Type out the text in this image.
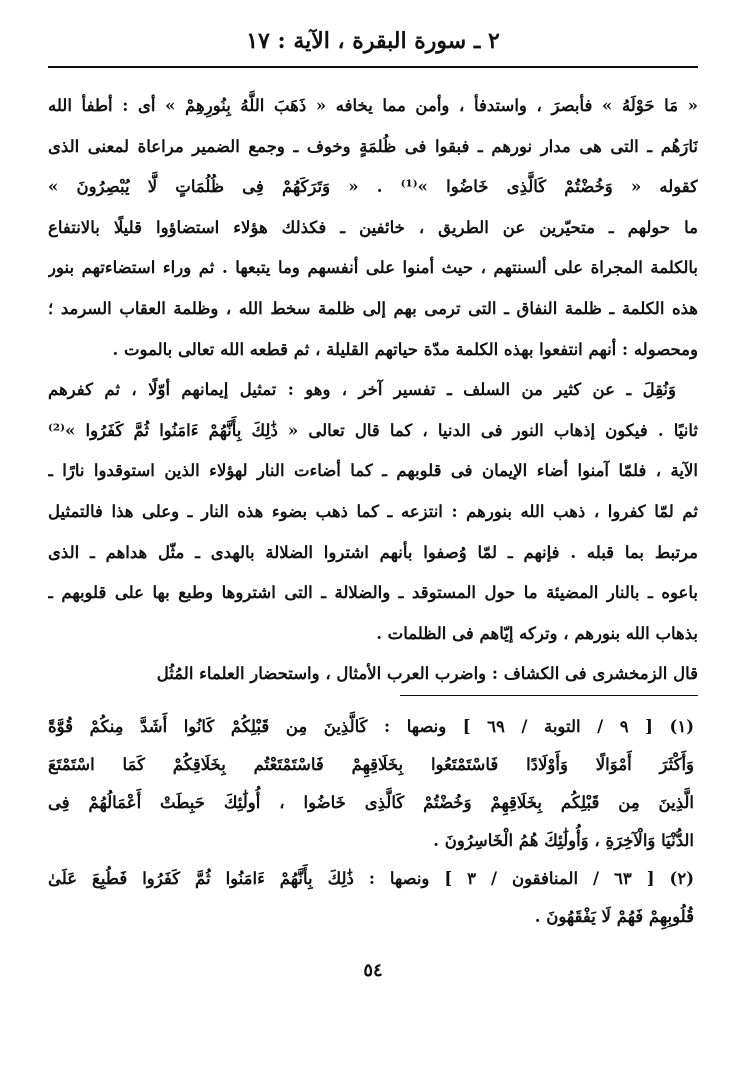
٢ ـ سورة البقرة ، الآية : ١٧
« مَا حَوْلَهُ » فأبصرَ ، واستدفأ ، وأمن مما يخافه « ذَهَبَ اللَّهُ بِنُورِهِمْ » أى : أطفأ الله
نَارَهُم ـ التى هى مدار نورهم ـ فبقوا فى ظُلمَةٍ وخوف ـ وجمع الضمير مراعاة لمعنى الذى
كقوله « وَخُضْتُمْ كَالَّذِى خَاضُوا »⁽¹⁾ . « وَتَرَكَهُمْ فِى ظُلُمَاتٍ لَّا يُبْصِرُونَ »
ما حولهم ـ متحيّرين عن الطريق ، خائفين ـ فكذلك هؤلاء استضاؤوا قليلًا بالانتفاع
بالكلمة المجراة على ألسنتهم ، حيث أمنوا على أنفسهم وما يتبعها . ثم وراء استضاءتهم بنور
هذه الكلمة ـ ظلمة النفاق ـ التى ترمى بهم إلى ظلمة سخط الله ، وظلمة العقاب السرمد ؛
ومحصوله : أنهم انتفعوا بهذه الكلمة مدّة حياتهم القليلة ، ثم قطعه الله تعالى بالموت .
وَنُقِلَ ـ عن كثير من السلف ـ تفسير آخر ، وهو : تمثيل إيمانهم أوّلًا ، ثم كفرهم
ثانيًا . فيكون إذهاب النور فى الدنيا ، كما قال تعالى « ذَٰلِكَ بِأَنَّهُمْ ءَامَنُوا ثُمَّ كَفَرُوا »⁽²⁾
الآية ، فلمّا آمنوا أضاء الإيمان فى قلوبهم ـ كما أضاءت النار لهؤلاء الذين استوقدوا نارًا ـ
ثم لمّا كفروا ، ذهب الله بنورهم : انتزعه ـ كما ذهب بضوء هذه النار ـ وعلى هذا فالتمثيل
مرتبط بما قبله . فإنهم ـ لمّا وُصفوا بأنهم اشتروا الضلالة بالهدى ـ مثّل هداهم ـ الذى
باعوه ـ بالنار المضيئة ما حول المستوقد ـ والضلالة ـ التى اشتروها وطبع بها على قلوبهم ـ
بذهاب الله بنورهم ، وتركه إيّاهم فى الظلمات .
قال الزمخشرى فى الكشاف : واضرب العرب الأمثال ، واستحضار العلماء المُثُل
(١) [ ٩ / التوبة / ٦٩ ] ونصها : كَالَّذِينَ مِن قَبْلِكُمْ كَانُوا أَشَدَّ مِنكُمْ قُوَّةً
وَأَكْثَرَ أَمْوَالًا وَأَوْلَادًا فَاسْتَمْتَعُوا بِخَلَاقِهِمْ فَاسْتَمْتَعْتُم بِخَلَاقِكُمْ كَمَا اسْتَمْتَعَ
الَّذِينَ مِن قَبْلِكُم بِخَلَاقِهِمْ وَخُضْتُمْ كَالَّذِى خَاضُوا ، أُولَٰئِكَ حَبِطَتْ أَعْمَالُهُمْ فِى
الدُّنْيَا وَالْآخِرَةِ ، وَأُولَٰئِكَ هُمُ الْخَاسِرُونَ .
(٢) [ ٦٣ / المنافقون / ٣ ] ونصها : ذَٰلِكَ بِأَنَّهُمْ ءَامَنُوا ثُمَّ كَفَرُوا فَطُبِعَ عَلَىٰ
قُلُوبِهِمْ فَهُمْ لَا يَفْقَهُونَ .
٥٤
